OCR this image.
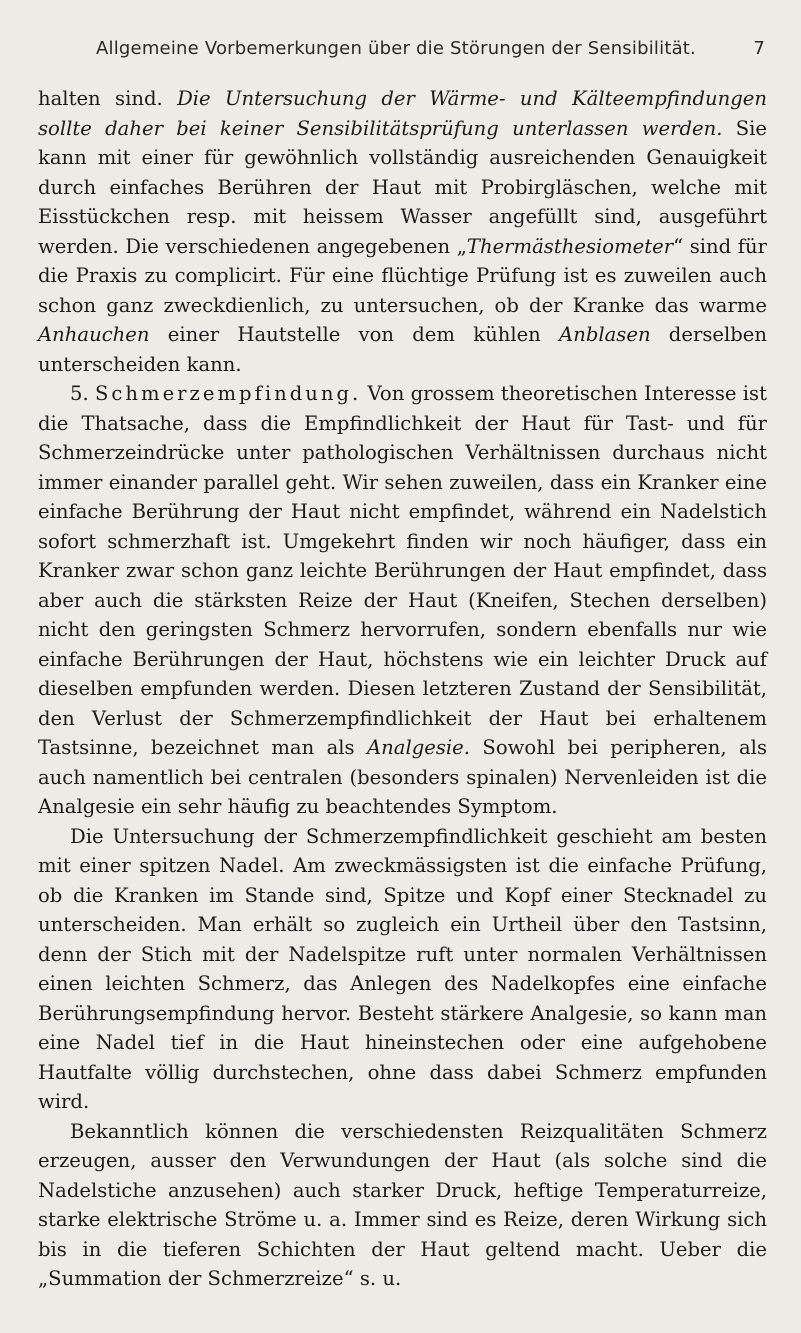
Allgemeine Vorbemerkungen über die Störungen der Sensibilität.	7

halten sind. Die Untersuchung der Wärme- und Kälteempfindungen sollte daher bei keiner Sensibilitätsprüfung unterlassen werden. Sie kann mit einer für gewöhnlich vollständig ausreichenden Genauigkeit durch einfaches Berühren der Haut mit Probirgläschen, welche mit Eisstückchen resp. mit heissem Wasser angefüllt sind, ausgeführt werden. Die verschiedenen angegebenen „Thermästhesiometer“ sind für die Praxis zu complicirt. Für eine flüchtige Prüfung ist es zuweilen auch schon ganz zweckdienlich, zu untersuchen, ob der Kranke das warme Anhauchen einer Hautstelle von dem kühlen Anblasen derselben unterscheiden kann.

5. Schmerzempfindung. Von grossem theoretischen Interesse ist die Thatsache, dass die Empfindlichkeit der Haut für Tast- und für Schmerzeindrücke unter pathologischen Verhältnissen durchaus nicht immer einander parallel geht. Wir sehen zuweilen, dass ein Kranker eine einfache Berührung der Haut nicht empfindet, während ein Nadelstich sofort schmerzhaft ist. Umgekehrt finden wir noch häufiger, dass ein Kranker zwar schon ganz leichte Berührungen der Haut empfindet, dass aber auch die stärksten Reize der Haut (Kneifen, Stechen derselben) nicht den geringsten Schmerz hervorrufen, sondern ebenfalls nur wie einfache Berührungen der Haut, höchstens wie ein leichter Druck auf dieselben empfunden werden. Diesen letzteren Zustand der Sensibilität, den Verlust der Schmerzempfindlichkeit der Haut bei erhaltenem Tastsinne, bezeichnet man als Analgesie. Sowohl bei peripheren, als auch namentlich bei centralen (besonders spinalen) Nervenleiden ist die Analgesie ein sehr häufig zu beachtendes Symptom.

Die Untersuchung der Schmerzempfindlichkeit geschieht am besten mit einer spitzen Nadel. Am zweckmässigsten ist die einfache Prüfung, ob die Kranken im Stande sind, Spitze und Kopf einer Stecknadel zu unterscheiden. Man erhält so zugleich ein Urtheil über den Tastsinn, denn der Stich mit der Nadelspitze ruft unter normalen Verhältnissen einen leichten Schmerz, das Anlegen des Nadelkopfes eine einfache Berührungsempfindung hervor. Besteht stärkere Analgesie, so kann man eine Nadel tief in die Haut hineinstechen oder eine aufgehobene Hautfalte völlig durchstechen, ohne dass dabei Schmerz empfunden wird.

Bekanntlich können die verschiedensten Reizqualitäten Schmerz erzeugen, ausser den Verwundungen der Haut (als solche sind die Nadelstiche anzusehen) auch starker Druck, heftige Temperaturreize, starke elektrische Ströme u. a. Immer sind es Reize, deren Wirkung sich bis in die tieferen Schichten der Haut geltend macht. Ueber die „Summation der Schmerzreize“ s. u.
